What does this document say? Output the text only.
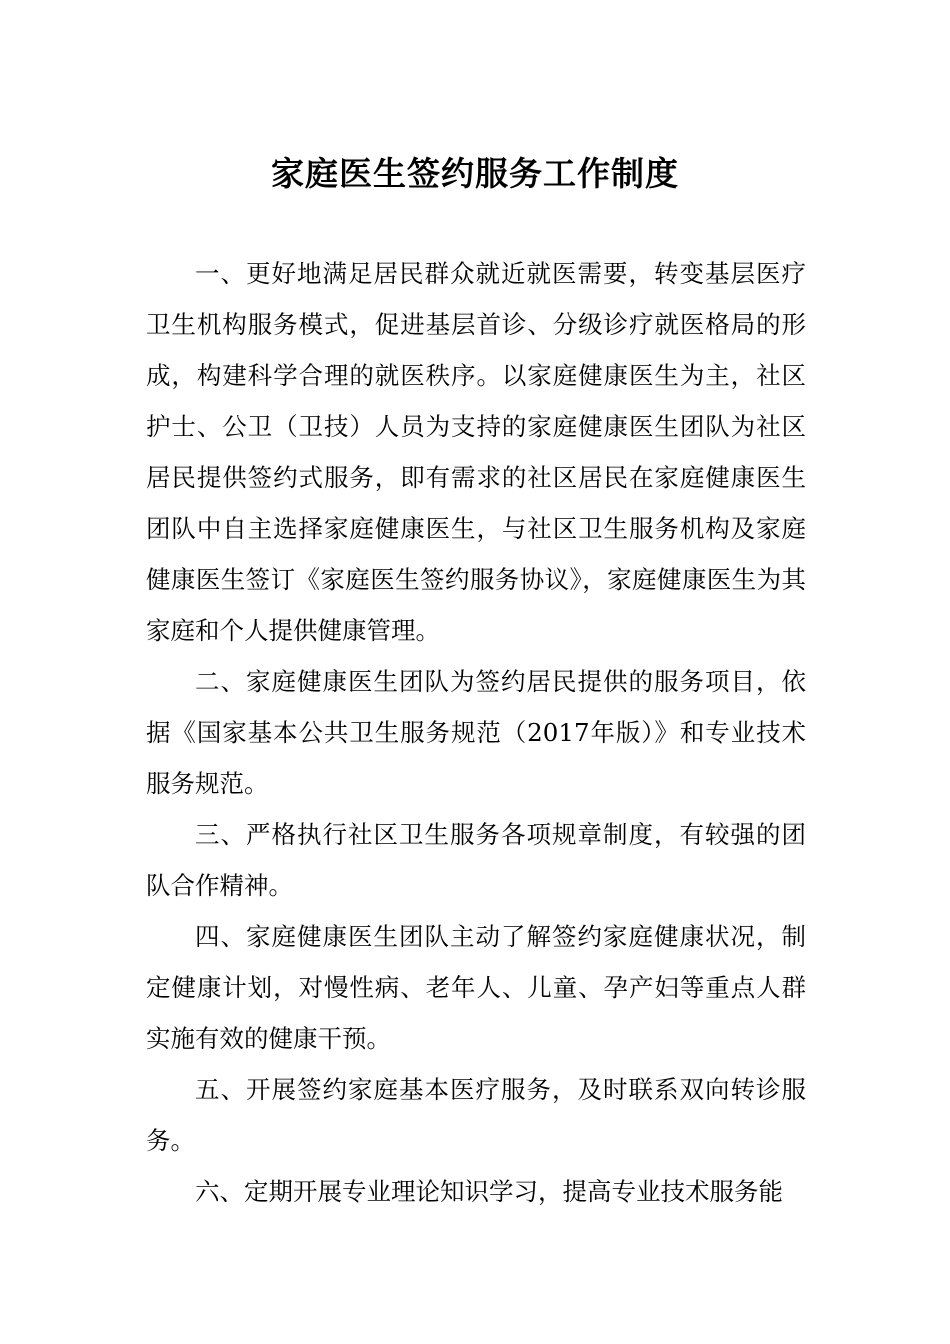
家庭医生签约服务工作制度

一、更好地满足居民群众就近就医需要，转变基层医疗卫生机构服务模式，促进基层首诊、分级诊疗就医格局的形成，构建科学合理的就医秩序。以家庭健康医生为主，社区护士、公卫（卫技）人员为支持的家庭健康医生团队为社区居民提供签约式服务，即有需求的社区居民在家庭健康医生团队中自主选择家庭健康医生，与社区卫生服务机构及家庭健康医生签订《家庭医生签约服务协议》，家庭健康医生为其家庭和个人提供健康管理。

二、家庭健康医生团队为签约居民提供的服务项目，依据《国家基本公共卫生服务规范（2017年版）》和专业技术服务规范。

三、严格执行社区卫生服务各项规章制度，有较强的团队合作精神。

四、家庭健康医生团队主动了解签约家庭健康状况，制定健康计划，对慢性病、老年人、儿童、孕产妇等重点人群实施有效的健康干预。

五、开展签约家庭基本医疗服务，及时联系双向转诊服务。

六、定期开展专业理论知识学习，提高专业技术服务能
